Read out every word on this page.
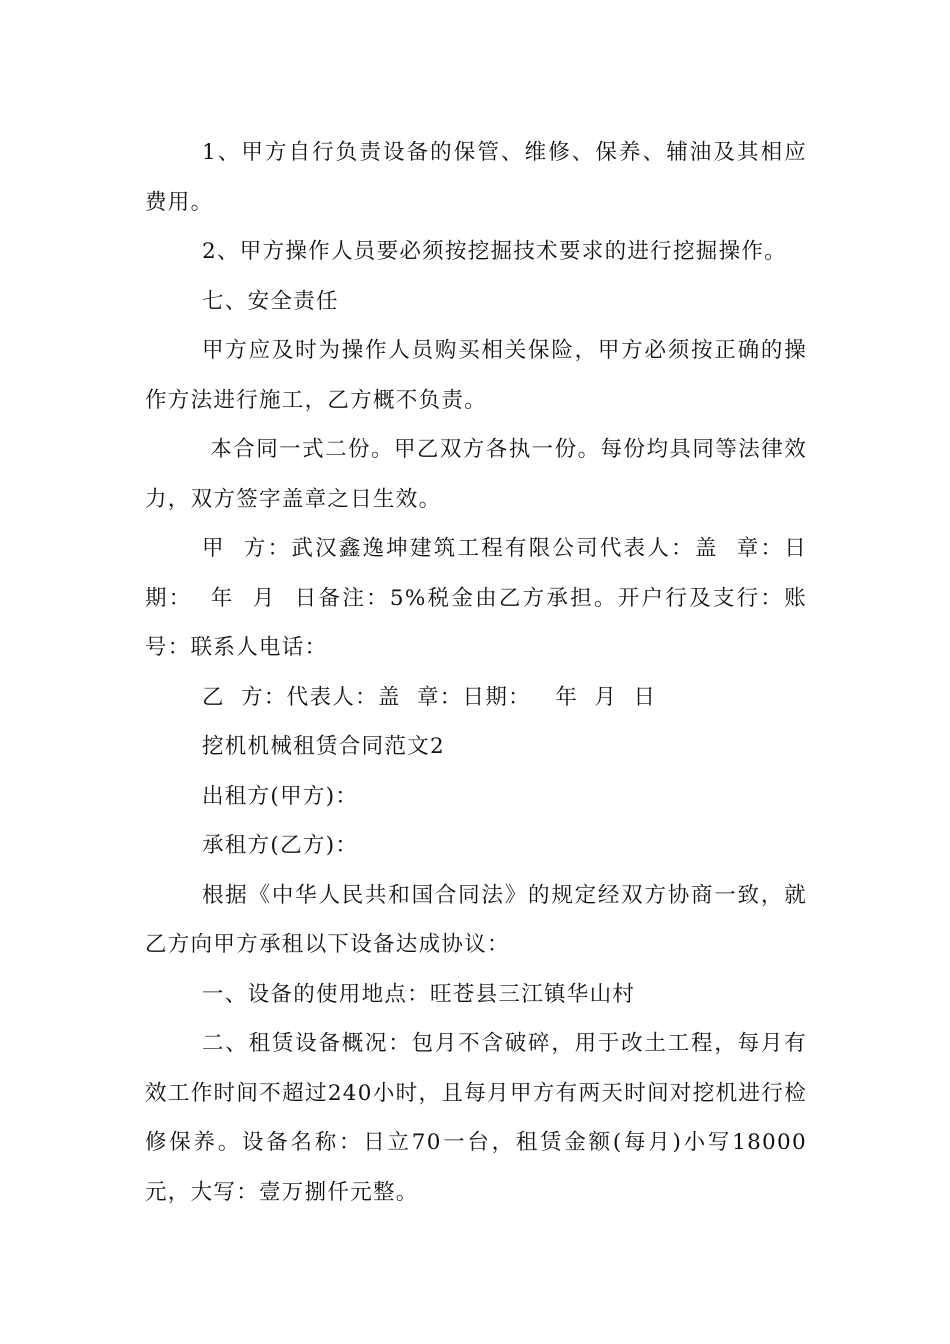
1、甲方自行负责设备的保管、维修、保养、辅油及其相应费用。

2、甲方操作人员要必须按挖掘技术要求的进行挖掘操作。

七、安全责任

甲方应及时为操作人员购买相关保险，甲方必须按正确的操作方法进行施工，乙方概不负责。

本合同一式二份。甲乙双方各执一份。每份均具同等法律效力，双方签字盖章之日生效。

甲  方：武汉鑫逸坤建筑工程有限公司代表人：盖  章：日期：  年  月  日备注：5%税金由乙方承担。开户行及支行：账号：联系人电话：

乙  方：代表人：盖  章：日期：   年  月  日

挖机机械租赁合同范文2

出租方(甲方)：

承租方(乙方)：

根据《中华人民共和国合同法》的规定经双方协商一致，就乙方向甲方承租以下设备达成协议：

一、设备的使用地点：旺苍县三江镇华山村

二、租赁设备概况：包月不含破碎，用于改土工程，每月有效工作时间不超过240小时，且每月甲方有两天时间对挖机进行检修保养。设备名称：日立70一台，租赁金额(每月)小写18000元，大写：壹万捌仟元整。
